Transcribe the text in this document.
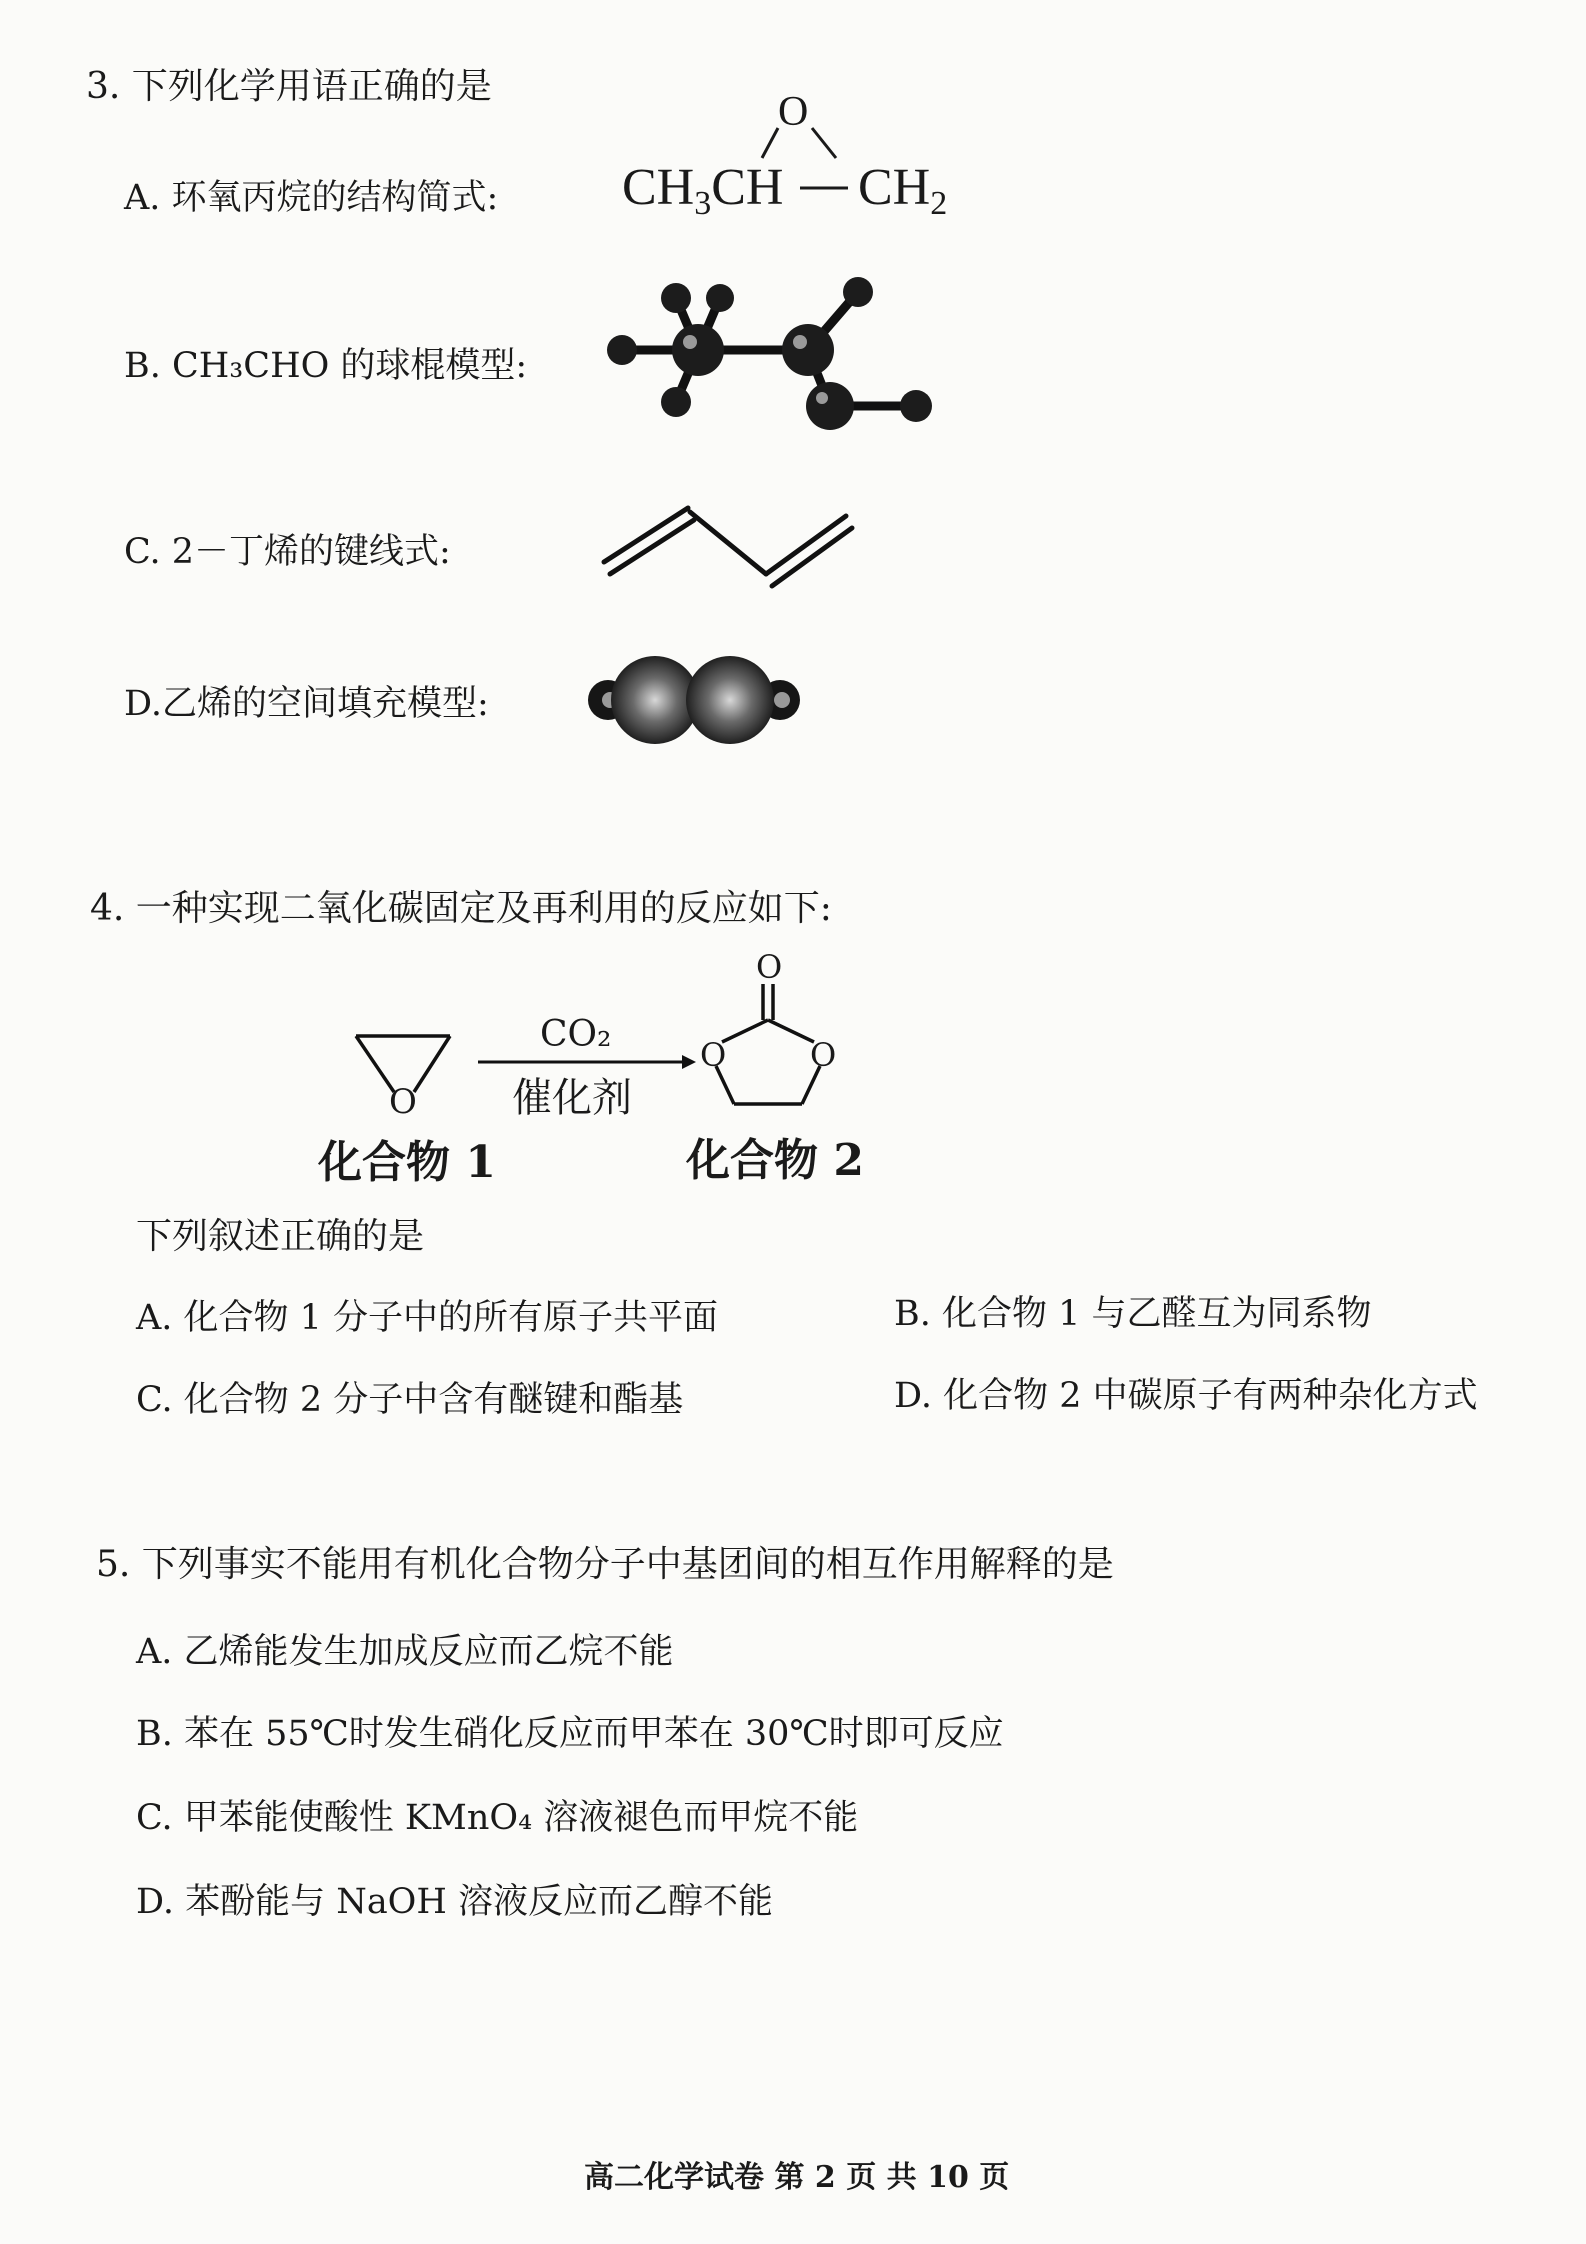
3. 下列化学用语正确的是
A. 环氧丙烷的结构简式:
O
$CH_3CH$ $CH_2$
B. CH₃CHO 的球棍模型:
C. 2－丁烯的键线式:
D.乙烯的空间填充模型:
4. 一种实现二氧化碳固定及再利用的反应如下:
O
CO₂
催化剂
O
O	O
化合物 1	化合物 2
下列叙述正确的是
A. 化合物 1 分子中的所有原子共平面	B. 化合物 1 与乙醛互为同系物
C. 化合物 2 分子中含有醚键和酯基	D. 化合物 2 中碳原子有两种杂化方式
5. 下列事实不能用有机化合物分子中基团间的相互作用解释的是
A. 乙烯能发生加成反应而乙烷不能
B. 苯在 55℃时发生硝化反应而甲苯在 30℃时即可反应
C. 甲苯能使酸性 KMnO₄ 溶液褪色而甲烷不能
D. 苯酚能与 NaOH 溶液反应而乙醇不能
高二化学试卷 第 2 页 共 10 页
